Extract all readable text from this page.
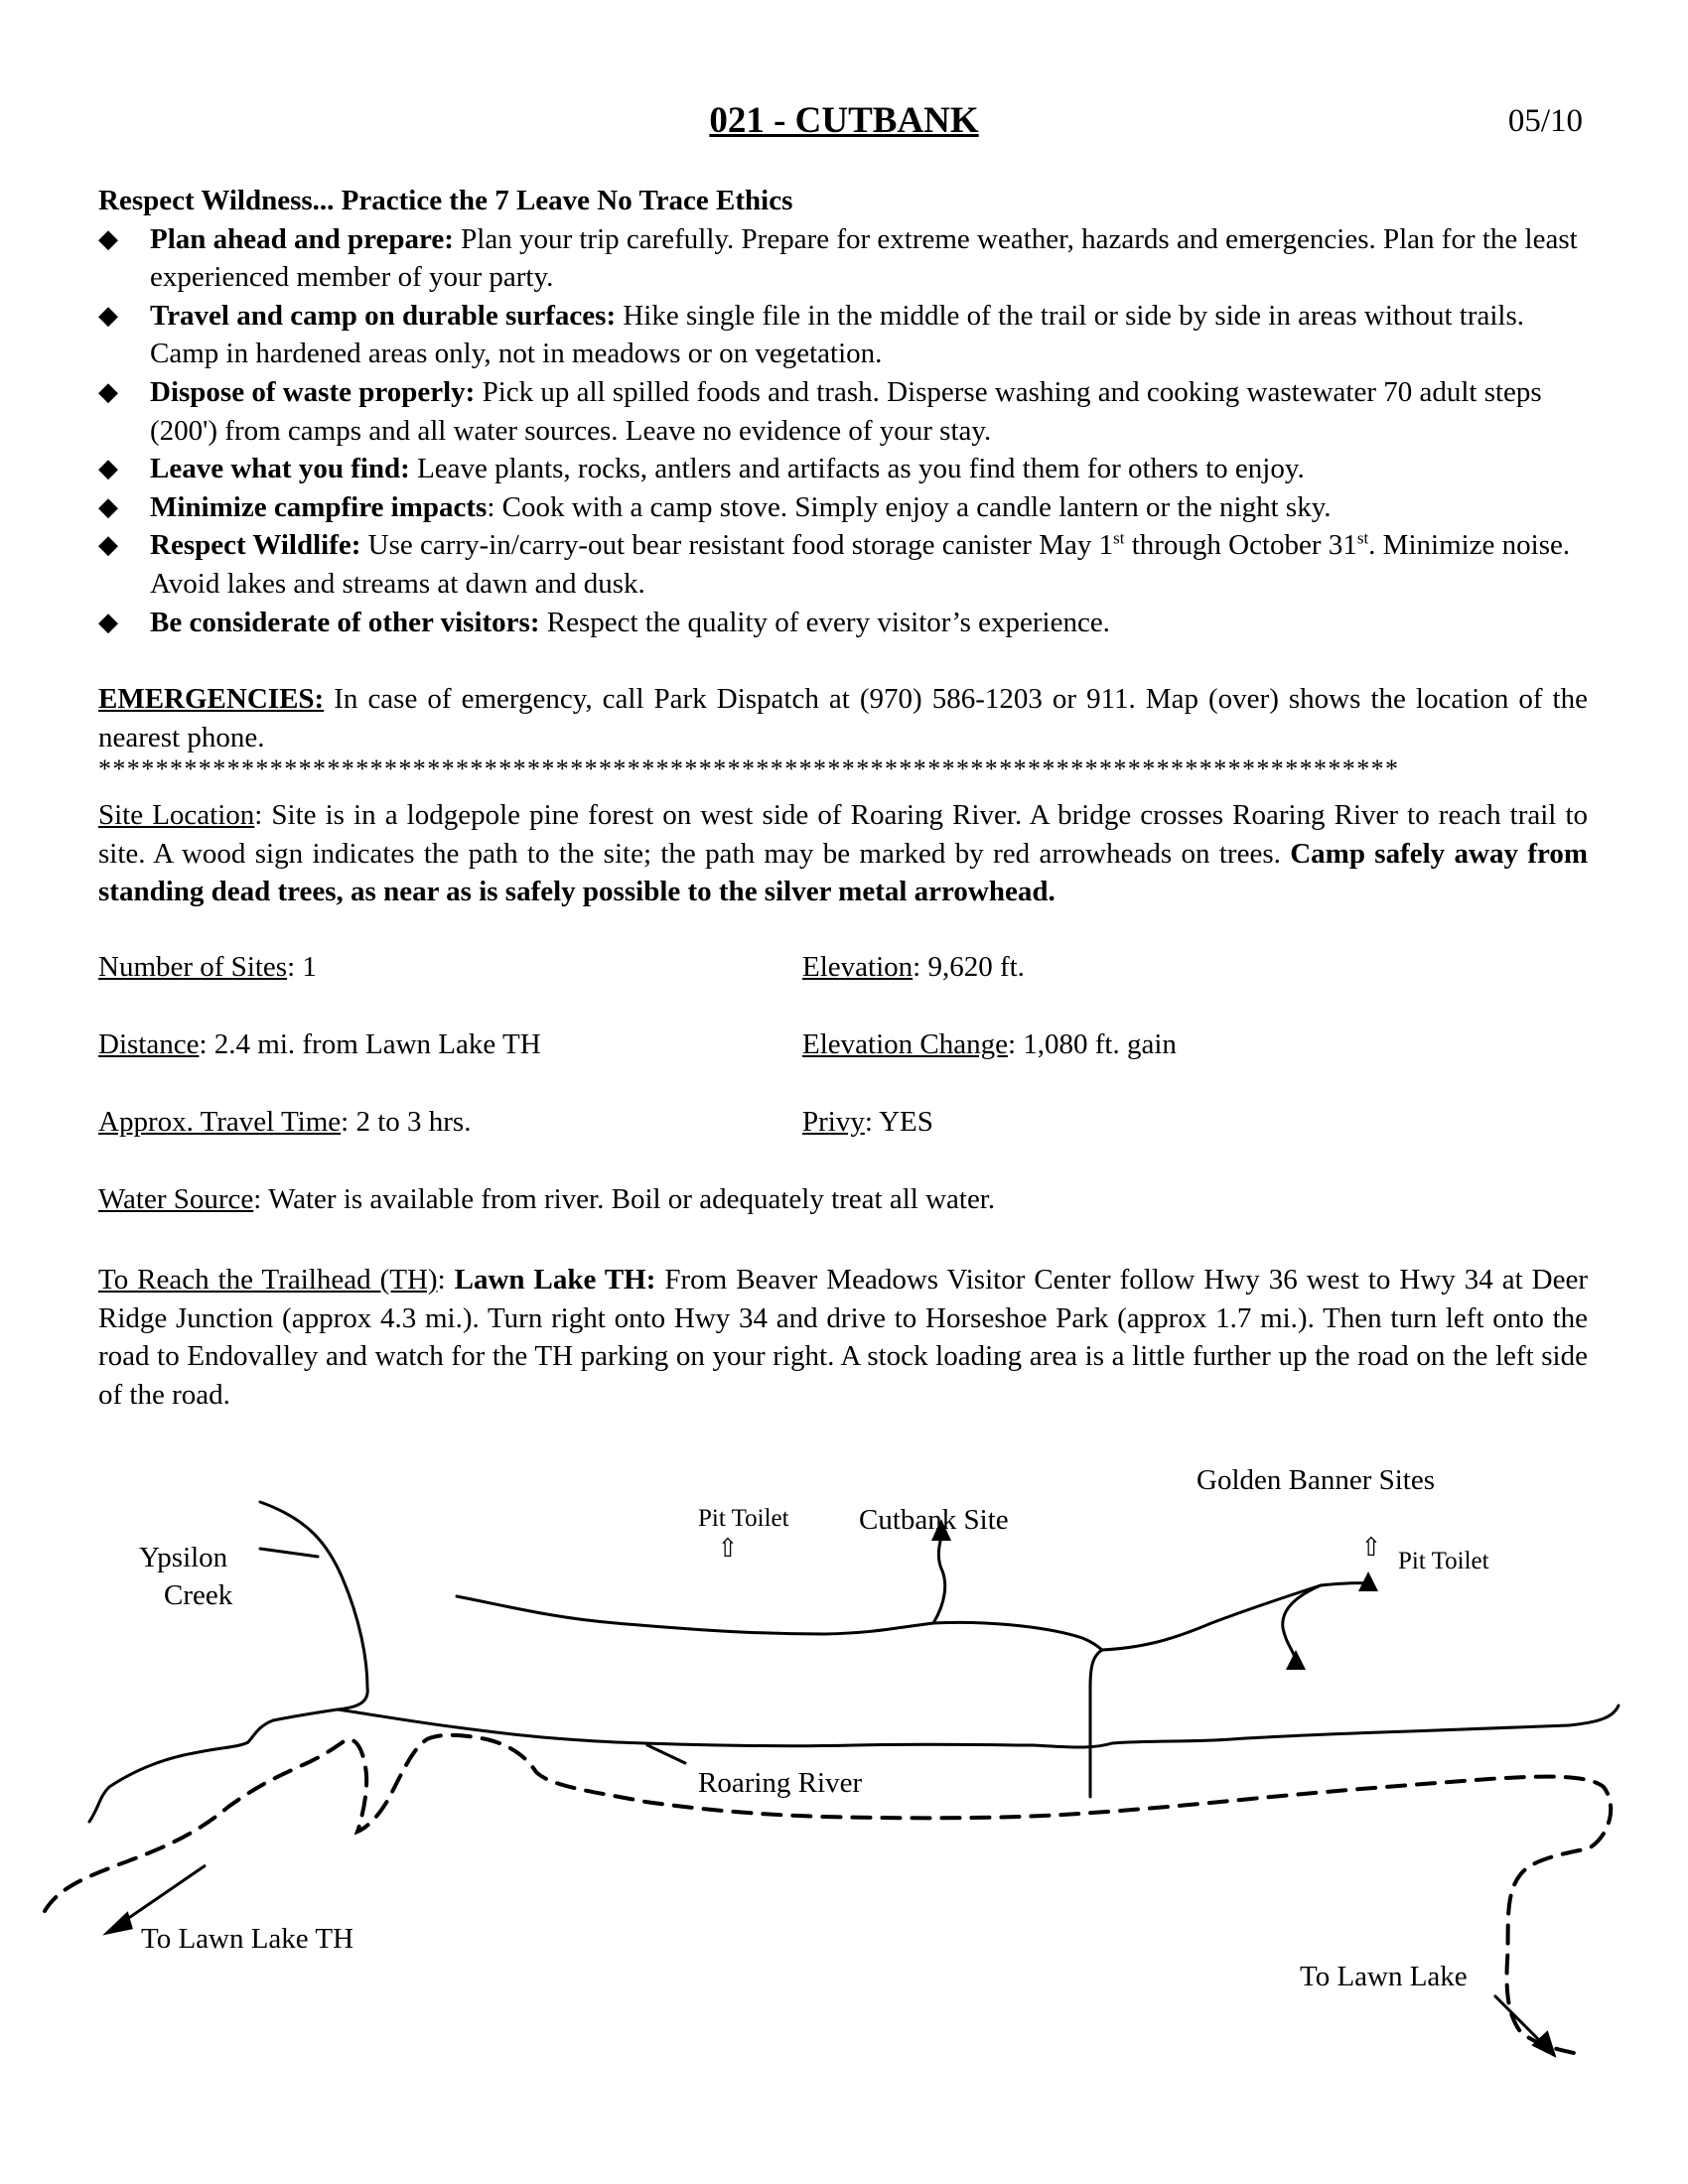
021 - CUTBANK	05/10
Respect Wildness... Practice the 7 Leave No Trace Ethics
◆ Plan ahead and prepare: Plan your trip carefully. Prepare for extreme weather, hazards and emergencies. Plan for the least experienced member of your party.
◆ Travel and camp on durable surfaces: Hike single file in the middle of the trail or side by side in areas without trails. Camp in hardened areas only, not in meadows or on vegetation.
◆ Dispose of waste properly: Pick up all spilled foods and trash. Disperse washing and cooking wastewater 70 adult steps (200') from camps and all water sources. Leave no evidence of your stay.
◆ Leave what you find: Leave plants, rocks, antlers and artifacts as you find them for others to enjoy.
◆ Minimize campfire impacts: Cook with a camp stove. Simply enjoy a candle lantern or the night sky.
◆ Respect Wildlife: Use carry-in/carry-out bear resistant food storage canister May 1st through October 31st. Minimize noise. Avoid lakes and streams at dawn and dusk.
◆ Be considerate of other visitors: Respect the quality of every visitor’s experience.
EMERGENCIES: In case of emergency, call Park Dispatch at (970) 586-1203 or 911. Map (over) shows the location of the nearest phone.
*******************************************************************************************
Site Location: Site is in a lodgepole pine forest on west side of Roaring River. A bridge crosses Roaring River to reach trail to site. A wood sign indicates the path to the site; the path may be marked by red arrowheads on trees. Camp safely away from standing dead trees, as near as is safely possible to the silver metal arrowhead.
Number of Sites: 1	Elevation: 9,620 ft.
Distance: 2.4 mi. from Lawn Lake TH	Elevation Change: 1,080 ft. gain
Approx. Travel Time: 2 to 3 hrs.	Privy: YES
Water Source: Water is available from river. Boil or adequately treat all water.
To Reach the Trailhead (TH): Lawn Lake TH: From Beaver Meadows Visitor Center follow Hwy 36 west to Hwy 34 at Deer Ridge Junction (approx 4.3 mi.). Turn right onto Hwy 34 and drive to Horseshoe Park (approx 1.7 mi.). Then turn left onto the road to Endovalley and watch for the TH parking on your right. A stock loading area is a little further up the road on the left side of the road.
Golden Banner Sites
Cutbank Site
Pit Toilet
⇧	⇧ Pit Toilet
Ypsilon
Creek
Roaring River
To Lawn Lake TH
To Lawn Lake
